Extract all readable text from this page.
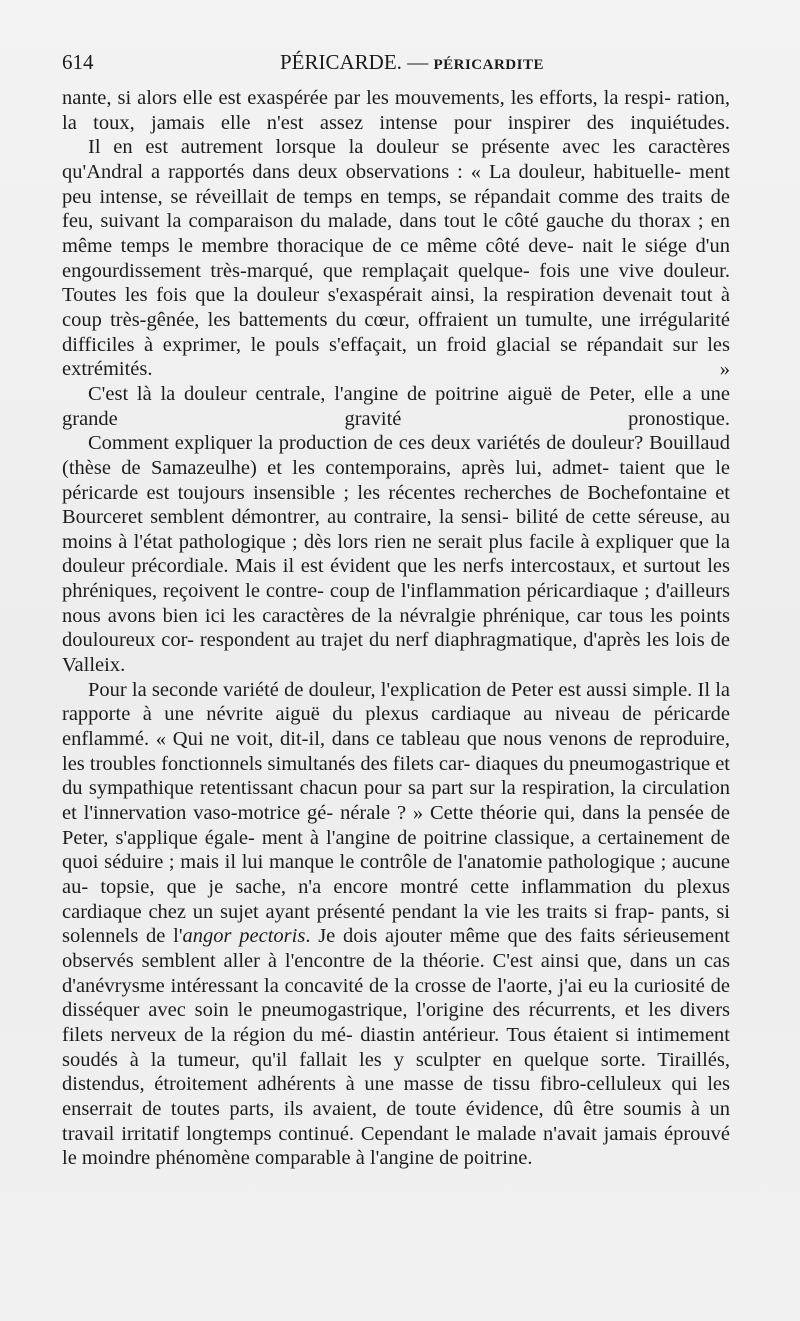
614	PÉRICARDE. — PÉRICARDITE

nante, si alors elle est exaspérée par les mouvements, les efforts, la respi- ration, la toux, jamais elle n'est assez intense pour inspirer des inquiétudes.

Il en est autrement lorsque la douleur se présente avec les caractères qu'Andral a rapportés dans deux observations : « La douleur, habituelle- ment peu intense, se réveillait de temps en temps, se répandait comme des traits de feu, suivant la comparaison du malade, dans tout le côté gauche du thorax ; en même temps le membre thoracique de ce même côté deve- nait le siége d'un engourdissement très-marqué, que remplaçait quelque- fois une vive douleur. Toutes les fois que la douleur s'exaspérait ainsi, la respiration devenait tout à coup très-gênée, les battements du cœur, offraient un tumulte, une irrégularité difficiles à exprimer, le pouls s'effaçait, un froid glacial se répandait sur les extrémités. »

C'est là la douleur centrale, l'angine de poitrine aiguë de Peter, elle a une grande gravité pronostique.

Comment expliquer la production de ces deux variétés de douleur? Bouillaud (thèse de Samazeulhe) et les contemporains, après lui, admet- taient que le péricarde est toujours insensible ; les récentes recherches de Bochefontaine et Bourceret semblent démontrer, au contraire, la sensi- bilité de cette séreuse, au moins à l'état pathologique ; dès lors rien ne serait plus facile à expliquer que la douleur précordiale. Mais il est évident que les nerfs intercostaux, et surtout les phréniques, reçoivent le contre- coup de l'inflammation péricardiaque ; d'ailleurs nous avons bien ici les caractères de la névralgie phrénique, car tous les points douloureux cor- respondent au trajet du nerf diaphragmatique, d'après les lois de Valleix.

Pour la seconde variété de douleur, l'explication de Peter est aussi simple. Il la rapporte à une névrite aiguë du plexus cardiaque au niveau de péricarde enflammé. « Qui ne voit, dit-il, dans ce tableau que nous venons de reproduire, les troubles fonctionnels simultanés des filets car- diaques du pneumogastrique et du sympathique retentissant chacun pour sa part sur la respiration, la circulation et l'innervation vaso-motrice gé- nérale ? » Cette théorie qui, dans la pensée de Peter, s'applique égale- ment à l'angine de poitrine classique, a certainement de quoi séduire ; mais il lui manque le contrôle de l'anatomie pathologique ; aucune au- topsie, que je sache, n'a encore montré cette inflammation du plexus cardiaque chez un sujet ayant présenté pendant la vie les traits si frap- pants, si solennels de l'angor pectoris. Je dois ajouter même que des faits sérieusement observés semblent aller à l'encontre de la théorie. C'est ainsi que, dans un cas d'anévrysme intéressant la concavité de la crosse de l'aorte, j'ai eu la curiosité de disséquer avec soin le pneumogastrique, l'origine des récurrents, et les divers filets nerveux de la région du mé- diastin antérieur. Tous étaient si intimement soudés à la tumeur, qu'il fallait les y sculpter en quelque sorte. Tiraillés, distendus, étroitement adhérents à une masse de tissu fibro-celluleux qui les enserrait de toutes parts, ils avaient, de toute évidence, dû être soumis à un travail irritatif longtemps continué. Cependant le malade n'avait jamais éprouvé le moindre phénomène comparable à l'angine de poitrine.
